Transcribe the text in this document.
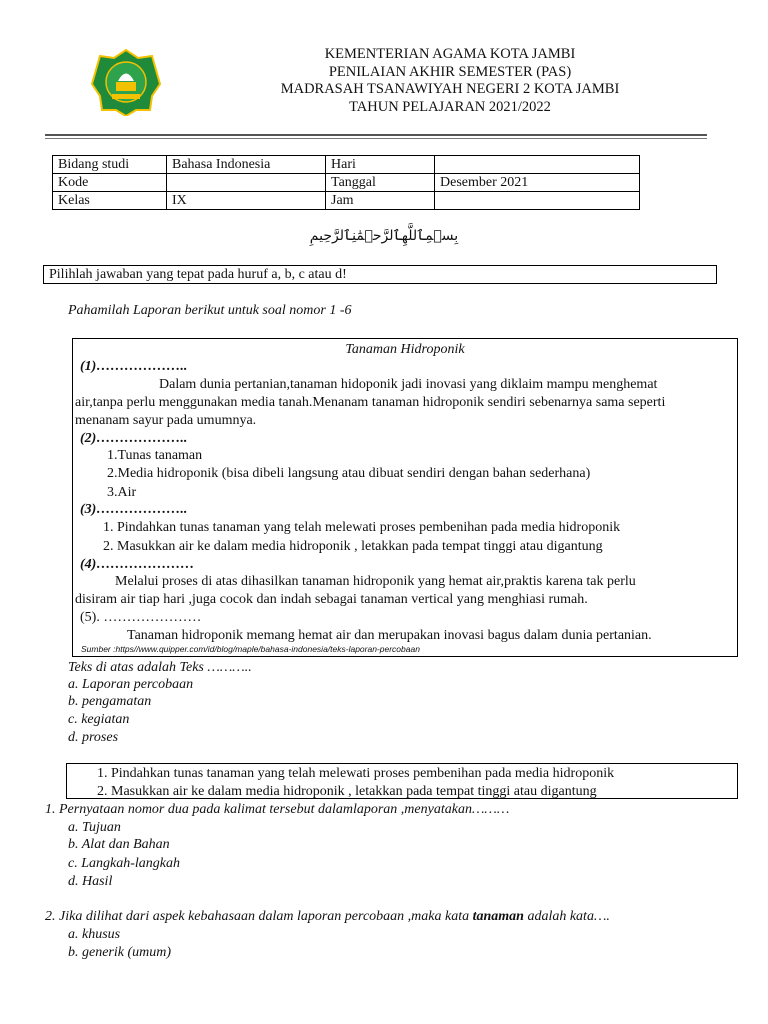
KEMENTERIAN AGAMA KOTA JAMBI
PENILAIAN AKHIR SEMESTER (PAS)
MADRASAH TSANAWIYAH NEGERI 2 KOTA JAMBI
TAHUN PELAJARAN 2021/2022
Bidang studi	Bahasa Indonesia	Hari	
Kode		Tanggal	Desember 2021
Kelas	IX	Jam	
بِسۡمِٱللَّهِٱلرَّحۡمَٰنِٱلرَّحِيمِ
Pilihlah jawaban yang tepat pada huruf a, b, c atau d!
Pahamilah Laporan berikut untuk soal nomor 1 -6
Tanaman Hidroponik
(1)………………..
Dalam dunia pertanian,tanaman hidoponik jadi inovasi yang diklaim mampu menghemat
air,tanpa perlu menggunakan media tanah.Menanam tanaman hidroponik sendiri sebenarnya sama seperti
menanam sayur pada umumnya.
(2)………………..
1.Tunas tanaman
2.Media hidroponik (bisa dibeli langsung atau dibuat sendiri dengan bahan sederhana)
3.Air
(3)………………..
1. Pindahkan tunas tanaman yang telah melewati proses pembenihan pada media hidroponik
2. Masukkan air ke dalam media hidroponik , letakkan pada tempat tinggi atau digantung
(4)…………………
Melalui proses di atas dihasilkan tanaman hidroponik yang hemat air,praktis karena tak perlu
disiram air tiap hari ,juga cocok dan indah sebagai tanaman vertical yang menghiasi rumah.
(5). …………………
Tanaman hidroponik memang hemat air dan merupakan inovasi bagus dalam dunia pertanian.
Sumber :https//www.quipper.com/id/blog/maple/bahasa-indonesia/teks-laporan-percobaan
Teks di atas adalah Teks ………..
a. Laporan percobaan
b. pengamatan
c. kegiatan
d. proses
1. Pindahkan tunas tanaman yang telah melewati proses pembenihan pada media hidroponik
2. Masukkan air ke dalam media hidroponik , letakkan pada tempat tinggi atau digantung
1. Pernyataan nomor dua pada kalimat tersebut dalamlaporan ,menyatakan………
a. Tujuan
b. Alat dan Bahan
c. Langkah-langkah
d. Hasil
2. Jika dilihat dari aspek kebahasaan dalam laporan percobaan ,maka kata tanaman adalah kata….
a. khusus
b. generik (umum)
